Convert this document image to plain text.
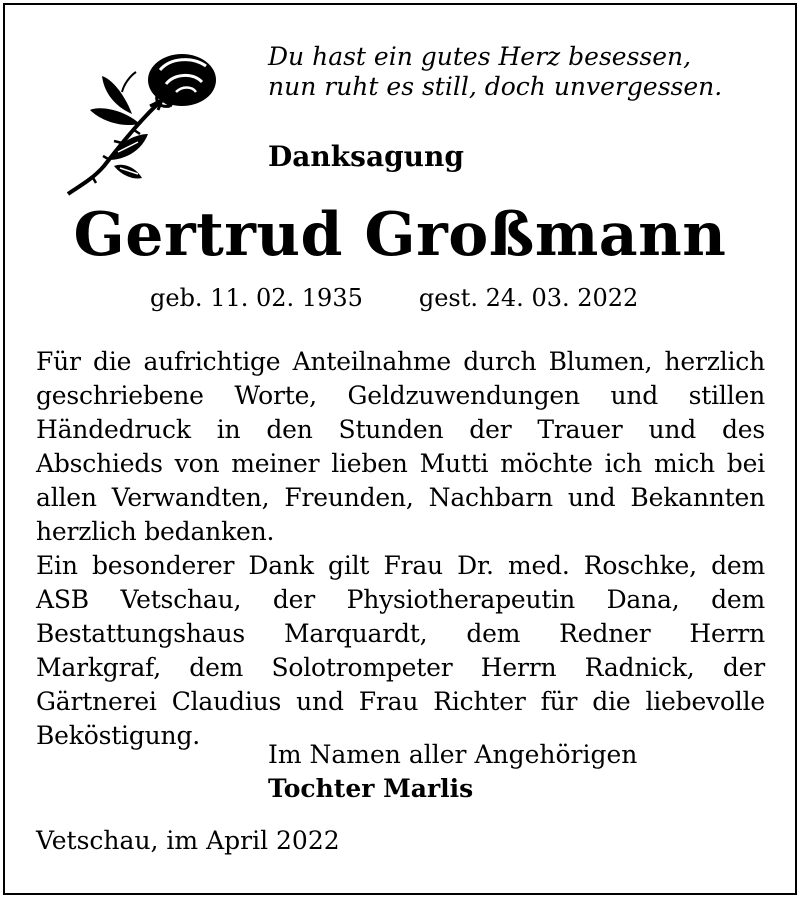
Du hast ein gutes Herz besessen,
nun ruht es still, doch unvergessen.
Danksagung
Gertrud Großmann
geb. 11. 02. 1935 gest. 24. 03. 2022

Für die aufrichtige Anteilnahme durch Blumen, herzlich geschriebene Worte, Geldzuwendungen und stillen Händedruck in den Stunden der Trauer und des Abschieds von meiner lieben Mutti möchte ich mich bei allen Verwandten, Freunden, Nachbarn und Bekannten herzlich bedanken.

Ein besonderer Dank gilt Frau Dr. med. Roschke, dem ASB Vetschau, der Physiotherapeutin Dana, dem Bestattungshaus Marquardt, dem Redner Herrn Markgraf, dem Solotrompeter Herrn Radnick, der Gärtnerei Claudius und Frau Richter für die liebevolle Beköstigung.

Im Namen aller Angehörigen
Tochter Marlis
Vetschau, im April 2022
